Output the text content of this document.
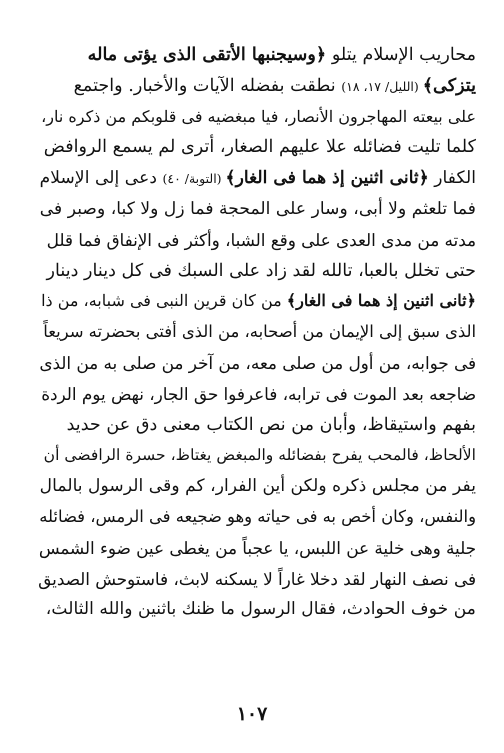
محاريب الإسلام يتلو ﴿وسيجنبها الأتقى الذى يؤتى ماله
يتزكى﴾ (الليل/ ١٧، ١٨) نطقت بفضله الآيات والأخبار. واجتمع
على بيعته المهاجرون الأنصار، فيا مبغضيه فى قلوبكم من ذكره نار،
كلما تليت فضائله علا عليهم الصغار، أترى لم يسمع الروافض
الكفار ﴿ثانى اثنين إذ هما فى الغار﴾ (التوبة/ ٤٠) دعى إلى الإسلام
فما تلعثم ولا أبى، وسار على المحجة فما زل ولا كبا، وصبر فى
مدته من مدى العدى على وقع الشبا، وأكثر فى الإنفاق فما قلل
حتى تخلل بالعبا، تالله لقد زاد على السبك فى كل دينار دينار
﴿ثانى اثنين إذ هما فى الغار﴾ من كان قرين النبى فى شبابه، من ذا
الذى سبق إلى الإيمان من أصحابه، من الذى أفتى بحضرته سريعاً
فى جوابه، من أول من صلى معه، من آخر من صلى به من الذى
ضاجعه بعد الموت فى ترابه، فاعرفوا حق الجار، نهض يوم الردة
بفهم واستيقاظ، وأبان من نص الكتاب معنى دق عن حديد
الألحاظ، فالمحب يفرح بفضائله والمبغض يغتاظ، حسرة الرافضى أن
يفر من مجلس ذكره ولكن أين الفرار، كم وقى الرسول بالمال
والنفس، وكان أخص به فى حياته وهو ضجيعه فى الرمس، فضائله
جلية وهى خلية عن اللبس، يا عجباً من يغطى عين ضوء الشمس
فى نصف النهار لقد دخلا غاراً لا يسكنه لابث، فاستوحش الصديق
من خوف الحوادث، فقال الرسول ما ظنك باثنين والله الثالث،
١٠٧
